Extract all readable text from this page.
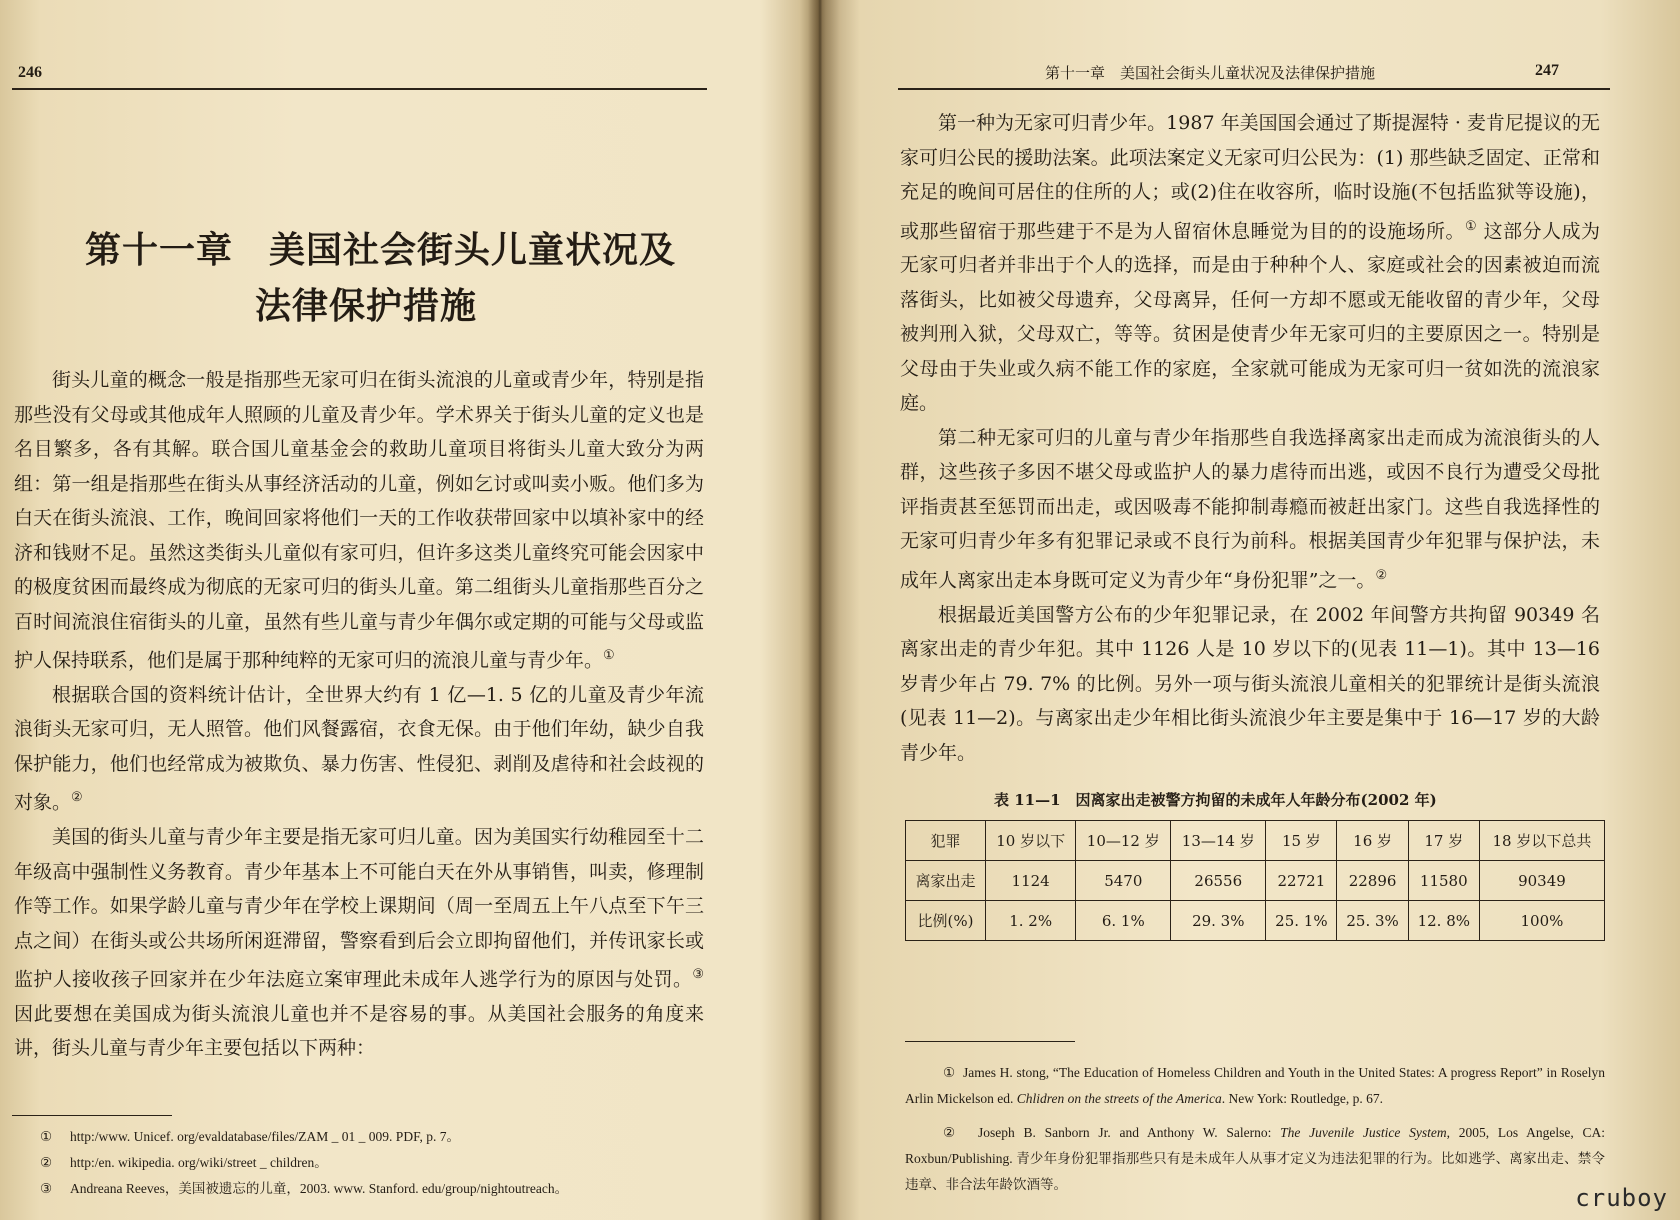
246
第十一章 美国社会街头儿童状况及
法律保护措施

街头儿童的概念一般是指那些无家可归在街头流浪的儿童或青少年，特别是指那些没有父母或其他成年人照顾的儿童及青少年。学术界关于街头儿童的定义也是名目繁多，各有其解。联合国儿童基金会的救助儿童项目将街头儿童大致分为两组：第一组是指那些在街头从事经济活动的儿童，例如乞讨或叫卖小贩。他们多为白天在街头流浪、工作，晚间回家将他们一天的工作收获带回家中以填补家中的经济和钱财不足。虽然这类街头儿童似有家可归，但许多这类儿童终究可能会因家中的极度贫困而最终成为彻底的无家可归的街头儿童。第二组街头儿童指那些百分之百时间流浪住宿街头的儿童，虽然有些儿童与青少年偶尔或定期的可能与父母或监护人保持联系，他们是属于那种纯粹的无家可归的流浪儿童与青少年。①

根据联合国的资料统计估计，全世界大约有 1 亿—1. 5 亿的儿童及青少年流浪街头无家可归，无人照管。他们风餐露宿，衣食无保。由于他们年幼，缺少自我保护能力，他们也经常成为被欺负、暴力伤害、性侵犯、剥削及虐待和社会歧视的对象。②

美国的街头儿童与青少年主要是指无家可归儿童。因为美国实行幼稚园至十二年级高中强制性义务教育。青少年基本上不可能白天在外从事销售，叫卖，修理制作等工作。如果学龄儿童与青少年在学校上课期间（周一至周五上午八点至下午三点之间）在街头或公共场所闲逛滞留，警察看到后会立即拘留他们，并传讯家长或监护人接收孩子回家并在少年法庭立案审理此未成年人逃学行为的原因与处罚。③ 因此要想在美国成为街头流浪儿童也并不是容易的事。从美国社会服务的角度来讲，街头儿童与青少年主要包括以下两种：

① http:/www. Unicef. org/evaldatabase/files/ZAM _ 01 _ 009. PDF, p. 7。
② http:/en. wikipedia. org/wiki/street _ children。
③ Andreana Reeves，美国被遗忘的儿童，2003. www. Stanford. edu/group/nightoutreach。
第十一章　美国社会街头儿童状况及法律保护措施	247

第一种为无家可归青少年。1987 年美国国会通过了斯提渥特 · 麦肯尼提议的无家可归公民的援助法案。此项法案定义无家可归公民为：(1) 那些缺乏固定、正常和充足的晚间可居住的住所的人；或(2)住在收容所，临时设施(不包括监狱等设施)，或那些留宿于那些建于不是为人留宿休息睡觉为目的的设施场所。① 这部分人成为无家可归者并非出于个人的选择，而是由于种种个人、家庭或社会的因素被迫而流落街头，比如被父母遗弃，父母离异，任何一方却不愿或无能收留的青少年，父母被判刑入狱，父母双亡，等等。贫困是使青少年无家可归的主要原因之一。特别是父母由于失业或久病不能工作的家庭，全家就可能成为无家可归一贫如洗的流浪家庭。

第二种无家可归的儿童与青少年指那些自我选择离家出走而成为流浪街头的人群，这些孩子多因不堪父母或监护人的暴力虐待而出逃，或因不良行为遭受父母批评指责甚至惩罚而出走，或因吸毒不能抑制毒瘾而被赶出家门。这些自我选择性的无家可归青少年多有犯罪记录或不良行为前科。根据美国青少年犯罪与保护法，未成年人离家出走本身既可定义为青少年“身份犯罪”之一。②

根据最近美国警方公布的少年犯罪记录，在 2002 年间警方共拘留 90349 名离家出走的青少年犯。其中 1126 人是 10 岁以下的(见表 11—1)。其中 13—16 岁青少年占 79. 7% 的比例。另外一项与街头流浪儿童相关的犯罪统计是街头流浪(见表 11—2)。与离家出走少年相比街头流浪少年主要是集中于 16—17 岁的大龄青少年。

表 11—1　因离家出走被警方拘留的未成年人年龄分布(2002 年)
犯罪	10 岁以下	10—12 岁	13—14 岁	15 岁	16 岁	17 岁	18 岁以下总共
离家出走	1124	5470	26556	22721	22896	11580	90349
比例(%)	1. 2%	6. 1%	29. 3%	25. 1%	25. 3%	12. 8%	100%

① James H. stong, “The Education of Homeless Children and Youth in the United States: A progress Report” in Roselyn Arlin Mickelson ed. Chlidren on the streets of the America. New York: Routledge, p. 67.

② Joseph B. Sanborn Jr. and Anthony W. Salerno: The Juvenile Justice System, 2005, Los Angelse, CA: Roxbun/Publishing. 青少年身份犯罪指那些只有是未成年人从事才定义为违法犯罪的行为。比如逃学、离家出走、禁令违章、非合法年龄饮酒等。	cruboy
